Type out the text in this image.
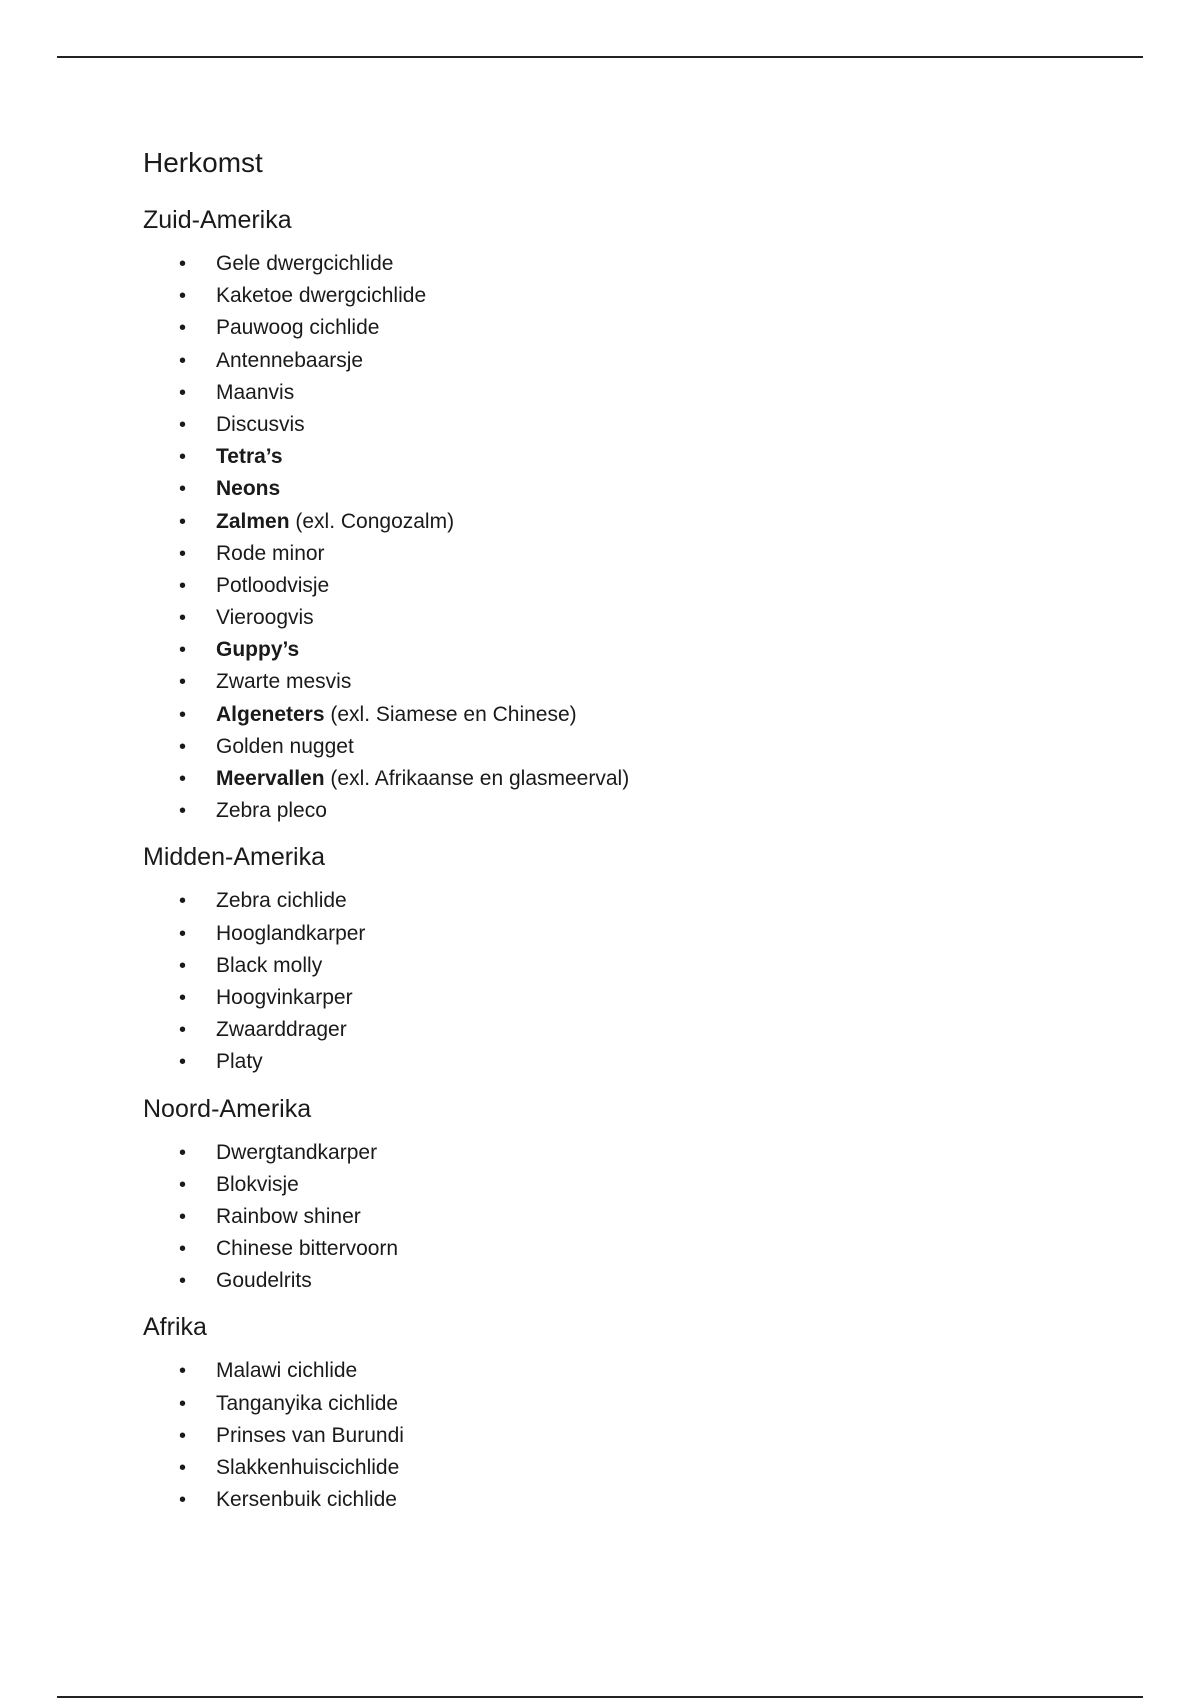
Herkomst
Zuid-Amerika
• Gele dwergcichlide
• Kaketoe dwergcichlide
• Pauwoog cichlide
• Antennebaarsje
• Maanvis
• Discusvis
• Tetra’s
• Neons
• Zalmen (exl. Congozalm)
• Rode minor
• Potloodvisje
• Vieroogvis
• Guppy’s
• Zwarte mesvis
• Algeneters (exl. Siamese en Chinese)
• Golden nugget
• Meervallen (exl. Afrikaanse en glasmeerval)
• Zebra pleco
Midden-Amerika
• Zebra cichlide
• Hooglandkarper
• Black molly
• Hoogvinkarper
• Zwaarddrager
• Platy
Noord-Amerika
• Dwergtandkarper
• Blokvisje
• Rainbow shiner
• Chinese bittervoorn
• Goudelrits
Afrika
• Malawi cichlide
• Tanganyika cichlide
• Prinses van Burundi
• Slakkenhuiscichlide
• Kersenbuik cichlide
